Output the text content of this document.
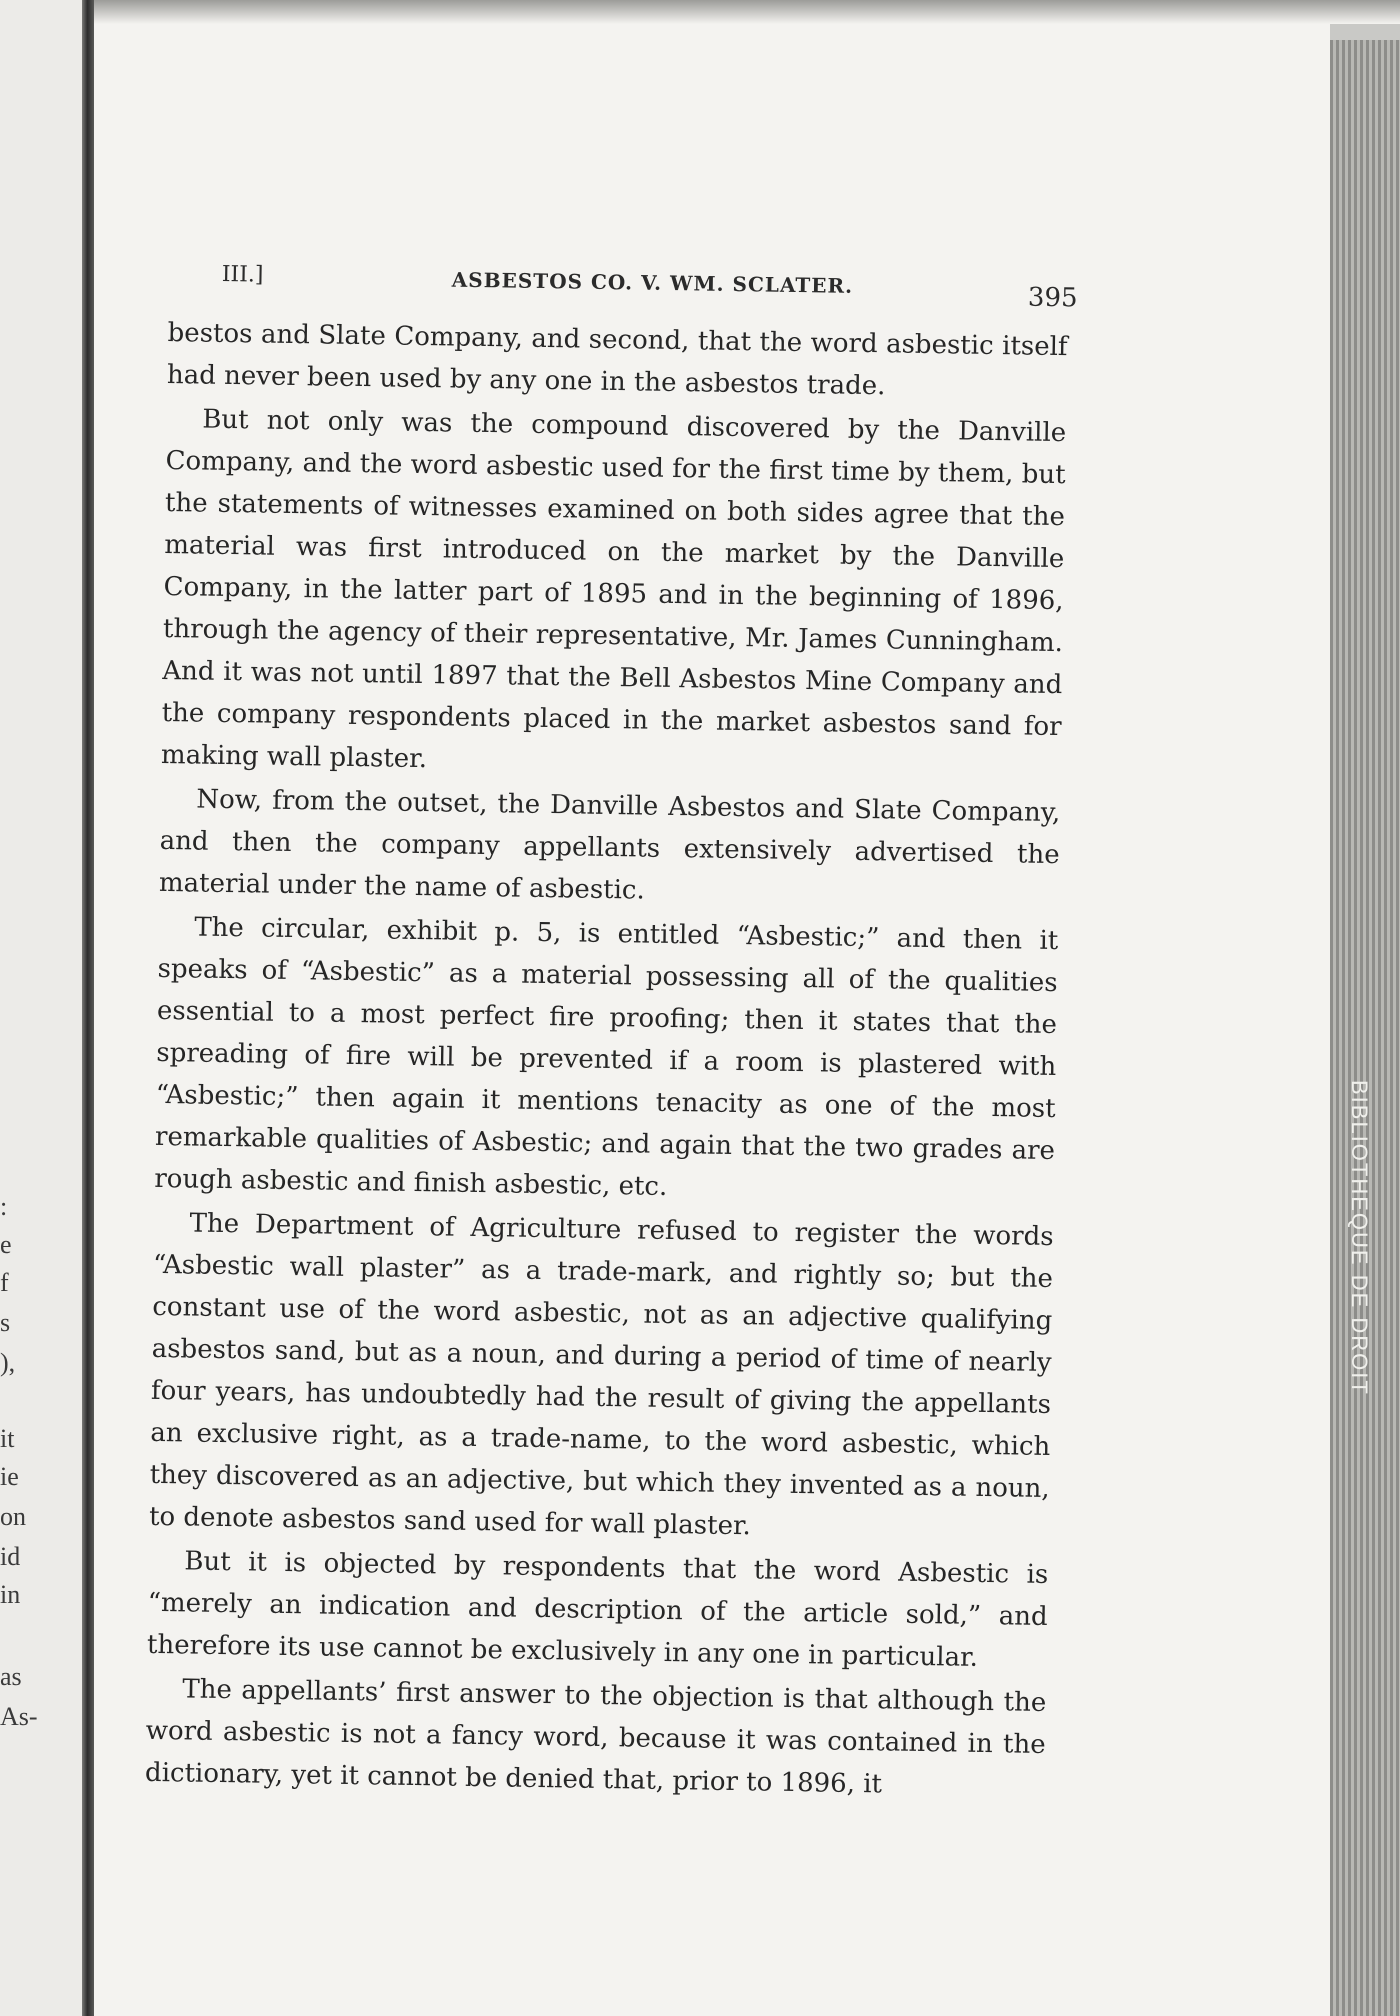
:
e
f
s
),
it
ie
on
id
in
as
As-
BIBLIOTHEQUE DE DROIT
III.]	ASBESTOS CO. V. WM. SCLATER.	395

bestos and Slate Company, and second, that the word asbestic itself had never been used by any one in the asbestos trade.

But not only was the compound discovered by the Danville Company, and the word asbestic used for the first time by them, but the statements of witnesses examined on both sides agree that the material was first introduced on the market by the Danville Company, in the latter part of 1895 and in the beginning of 1896, through the agency of their representative, Mr. James Cunningham. And it was not until 1897 that the Bell Asbestos Mine Company and the company respondents placed in the market asbestos sand for making wall plaster.

Now, from the outset, the Danville Asbestos and Slate Company, and then the company appellants extensively advertised the material under the name of asbestic.

The circular, exhibit p. 5, is entitled “Asbestic;” and then it speaks of “Asbestic” as a material possessing all of the qualities essential to a most perfect fire proofing; then it states that the spreading of fire will be prevented if a room is plastered with “Asbestic;” then again it mentions tenacity as one of the most remarkable qualities of Asbestic; and again that the two grades are rough asbestic and finish asbestic, etc.

The Department of Agriculture refused to register the words “Asbestic wall plaster” as a trade-mark, and rightly so; but the constant use of the word asbestic, not as an adjective qualifying asbestos sand, but as a noun, and during a period of time of nearly four years, has undoubtedly had the result of giving the appellants an exclusive right, as a trade-name, to the word asbestic, which they discovered as an adjective, but which they invented as a noun, to denote asbestos sand used for wall plaster.

But it is objected by respondents that the word Asbestic is “merely an indication and description of the article sold,” and therefore its use cannot be exclusively in any one in particular.

The appellants’ first answer to the objection is that although the word asbestic is not a fancy word, because it was contained in the dictionary, yet it cannot be denied that, prior to 1896, it
